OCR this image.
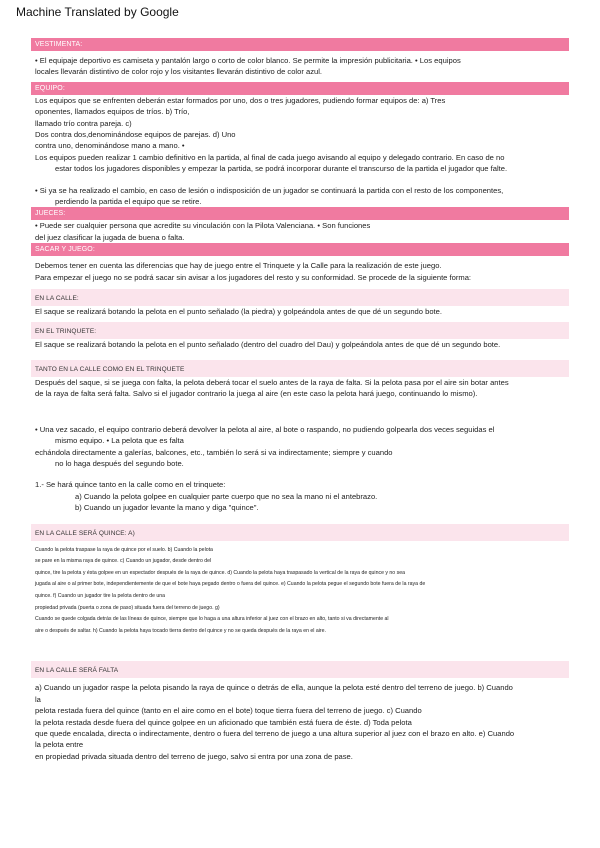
Machine Translated by Google
VESTIMENTA:

• El equipaje deportivo es camiseta y pantalón largo o corto de color blanco. Se permite la impresión publicitaria. • Los equipos

locales llevarán distintivo de color rojo y los visitantes llevarán distintivo de color azul.

EQUIPO:

Los equipos que se enfrenten deberán estar formados por uno, dos o tres jugadores, pudiendo formar equipos de: a) Tres

oponentes, llamados equipos de tríos. b) Trío,

llamado trío contra pareja. c)

Dos contra dos,denominándose equipos de parejas. d) Uno

contra uno, denominándose mano a mano. •

Los equipos pueden realizar 1 cambio definitivo en la partida, al final de cada juego avisando al equipo y delegado contrario. En caso de no

estar todos los jugadores disponibles y empezar la partida, se podrá incorporar durante el transcurso de la partida el jugador que falte.

• Si ya se ha realizado el cambio, en caso de lesión o indisposición de un jugador se continuará la partida con el resto de los componentes,

perdiendo la partida el equipo que se retire.

JUECES:

• Puede ser cualquier persona que acredite su vinculación con la Pilota Valenciana. • Son funciones

del juez clasificar la jugada de buena o falta.

SACAR Y JUEGO:

Debemos tener en cuenta las diferencias que hay de juego entre el Trinquete y la Calle para la realización de este juego.

Para empezar el juego no se podrá sacar sin avisar a los jugadores del resto y su conformidad. Se procede de la siguiente forma:

EN LA CALLE:

El saque se realizará botando la pelota en el punto señalado (la piedra) y golpeándola antes de que dé un segundo bote.

EN EL TRINQUETE:

El saque se realizará botando la pelota en el punto señalado (dentro del cuadro del Dau) y golpeándola antes de que dé un segundo bote.

TANTO EN LA CALLE COMO EN EL TRINQUETE

Después del saque, si se juega con falta, la pelota deberá tocar el suelo antes de la raya de falta. Si la pelota pasa por el aire sin botar antes

de la raya de falta será falta. Salvo si el jugador contrario la juega al aire (en este caso la pelota hará juego, continuando lo mismo).

• Una vez sacado, el equipo contrario deberá devolver la pelota al aire, al bote o raspando, no pudiendo golpearla dos veces seguidas el

mismo equipo. • La pelota que es falta

echándola directamente a galerías, balcones, etc., también lo será si va indirectamente; siempre y cuando

no lo haga después del segundo bote.

1.- Se hará quince tanto en la calle como en el trinquete:

a) Cuando la pelota golpee en cualquier parte cuerpo que no sea la mano ni el antebrazo.

b) Cuando un jugador levante la mano y diga "quince".

EN LA CALLE SERÁ QUINCE: A)

Cuando la pelota traspase la raya de quince por el suelo. b) Cuando la pelota

se pare en la misma raya de quince. c) Cuando un jugador, desde dentro del

quince, tire la pelota y ésta golpee en un espectador después de la raya de quince. d) Cuando la pelota haya traspasado la vertical de la raya de quince y no sea

jugada al aire o al primer bote, independientemente de que el bote haya pegado dentro o fuera del quince. e) Cuando la pelota pegue el segundo bote fuera de la raya de

quince. f) Cuando un jugador tire la pelota dentro de una

propiedad privada (puerta o zona de paso) situada fuera del terreno de juego. g)

Cuando se quede colgada detrás de las líneas de quince, siempre que lo haga a una altura inferior al juez con el brazo en alto, tanto si va directamente al

aire o después de saltar. h) Cuando la pelota haya tocado tierra dentro del quince y no se queda después de la raya en el aire.

EN LA CALLE SERÁ FALTA

a) Cuando un jugador raspe la pelota pisando la raya de quince o detrás de ella, aunque la pelota esté dentro del terreno de juego. b) Cuando

la

pelota restada fuera del quince (tanto en el aire como en el bote) toque tierra fuera del terreno de juego. c) Cuando

la pelota restada desde fuera del quince golpee en un aficionado que también está fuera de éste. d) Toda pelota

que quede encalada, directa o indirectamente, dentro o fuera del terreno de juego a una altura superior al juez con el brazo en alto. e) Cuando

la pelota entre

en propiedad privada situada dentro del terreno de juego, salvo si entra por una zona de pase.
